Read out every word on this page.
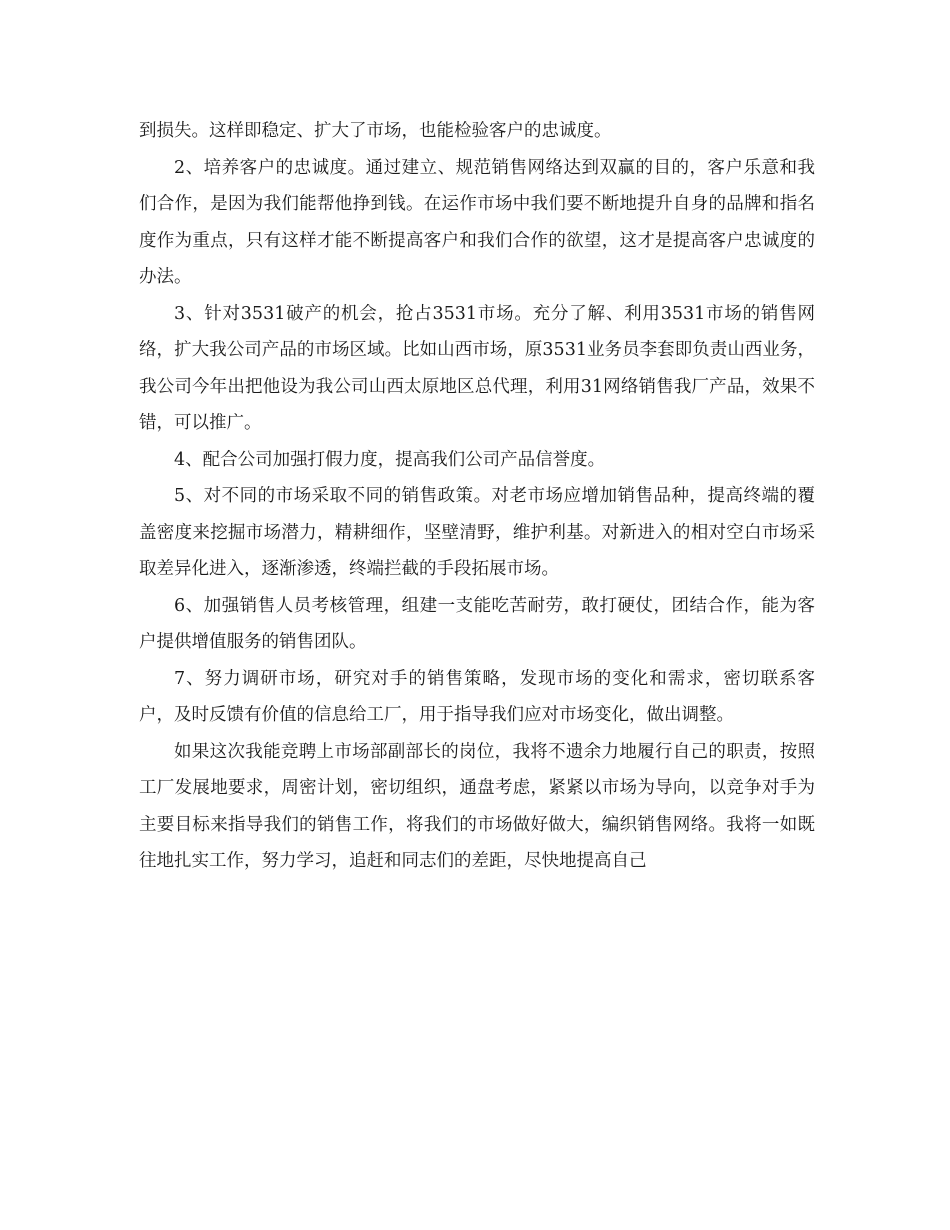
到损失。这样即稳定、扩大了市场，也能检验客户的忠诚度。

2、培养客户的忠诚度。通过建立、规范销售网络达到双赢的目的，客户乐意和我们合作，是因为我们能帮他挣到钱。在运作市场中我们要不断地提升自身的品牌和指名度作为重点，只有这样才能不断提高客户和我们合作的欲望，这才是提高客户忠诚度的办法。

3、针对3531破产的机会，抢占3531市场。充分了解、利用3531市场的销售网络，扩大我公司产品的市场区域。比如山西市场，原3531业务员李套即负责山西业务，我公司今年出把他设为我公司山西太原地区总代理，利用31网络销售我厂产品，效果不错，可以推广。

4、配合公司加强打假力度，提高我们公司产品信誉度。

5、对不同的市场采取不同的销售政策。对老市场应增加销售品种，提高终端的覆盖密度来挖掘市场潜力，精耕细作，坚壁清野，维护利基。对新进入的相对空白市场采取差异化进入，逐渐渗透，终端拦截的手段拓展市场。

6、加强销售人员考核管理，组建一支能吃苦耐劳，敢打硬仗，团结合作，能为客户提供增值服务的销售团队。

7、努力调研市场，研究对手的销售策略，发现市场的变化和需求，密切联系客户，及时反馈有价值的信息给工厂，用于指导我们应对市场变化，做出调整。

如果这次我能竞聘上市场部副部长的岗位，我将不遗余力地履行自己的职责，按照工厂发展地要求，周密计划，密切组织，通盘考虑，紧紧以市场为导向，以竞争对手为主要目标来指导我们的销售工作，将我们的市场做好做大，编织销售网络。我将一如既往地扎实工作，努力学习，追赶和同志们的差距，尽快地提高自己
